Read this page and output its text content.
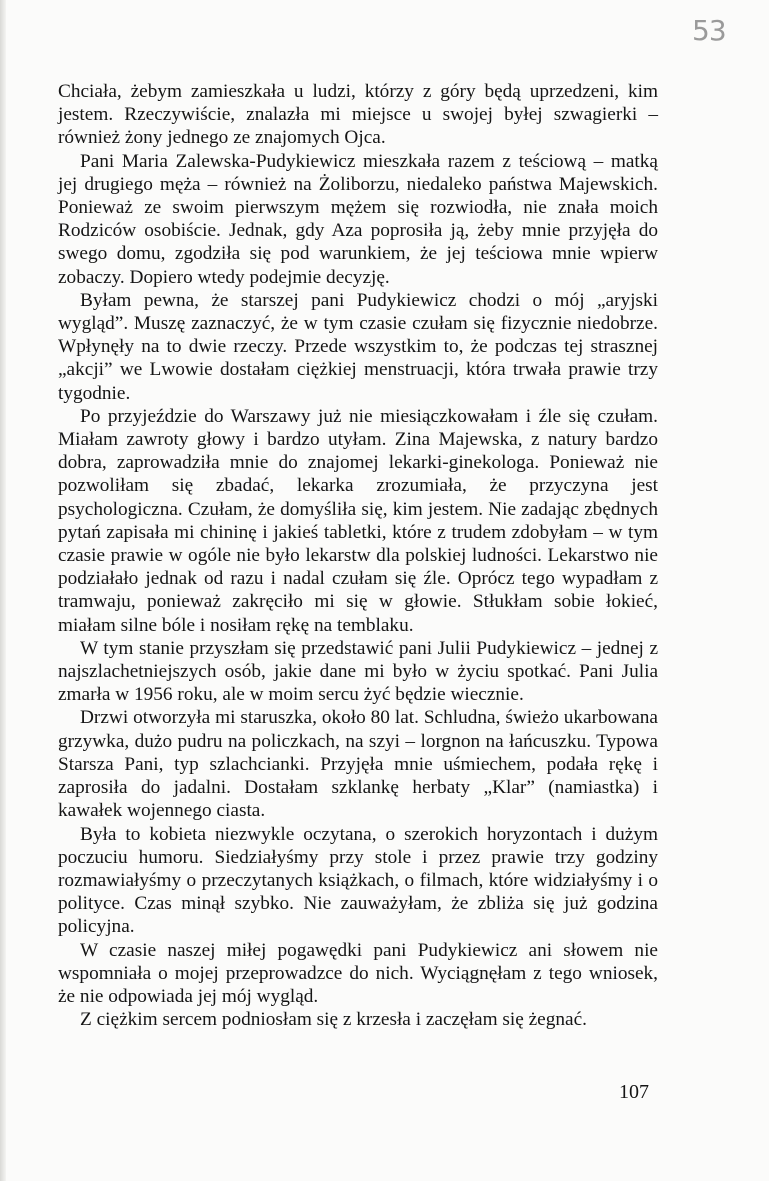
53

Chciała, żebym zamieszkała u ludzi, którzy z góry będą uprzedzeni, kim jestem. Rzeczywiście, znalazła mi miejsce u swojej byłej szwagierki – również żony jednego ze znajomych Ojca.

Pani Maria Zalewska-Pudykiewicz mieszkała razem z teściową – matką jej drugiego męża – również na Żoliborzu, niedaleko państwa Majewskich. Ponieważ ze swoim pierwszym mężem się rozwiodła, nie znała moich Rodziców osobiście. Jednak, gdy Aza poprosiła ją, żeby mnie przyjęła do swego domu, zgodziła się pod warunkiem, że jej teściowa mnie wpierw zobaczy. Dopiero wtedy podejmie decyzję.

Byłam pewna, że starszej pani Pudykiewicz chodzi o mój „aryjski wygląd”. Muszę zaznaczyć, że w tym czasie czułam się fizycznie niedobrze. Wpłynęły na to dwie rzeczy. Przede wszystkim to, że podczas tej strasznej „akcji” we Lwowie dostałam ciężkiej menstruacji, która trwała prawie trzy tygodnie.

Po przyjeździe do Warszawy już nie miesiączkowałam i źle się czułam. Miałam zawroty głowy i bardzo utyłam. Zina Majewska, z natury bardzo dobra, zaprowadziła mnie do znajomej lekarki-ginekologa. Ponieważ nie pozwoliłam się zbadać, lekarka zrozumiała, że przyczyna jest psychologiczna. Czułam, że domyśliła się, kim jestem. Nie zadając zbędnych pytań zapisała mi chininę i jakieś tabletki, które z trudem zdobyłam – w tym czasie prawie w ogóle nie było lekarstw dla polskiej ludności. Lekarstwo nie podziałało jednak od razu i nadal czułam się źle. Oprócz tego wypadłam z tramwaju, ponieważ zakręciło mi się w głowie. Stłukłam sobie łokieć, miałam silne bóle i nosiłam rękę na temblaku.

W tym stanie przyszłam się przedstawić pani Julii Pudykiewicz – jednej z najszlachetniejszych osób, jakie dane mi było w życiu spotkać. Pani Julia zmarła w 1956 roku, ale w moim sercu żyć będzie wiecznie.

Drzwi otworzyła mi staruszka, około 80 lat. Schludna, świeżo ukarbowana grzywka, dużo pudru na policzkach, na szyi – lorgnon na łańcuszku. Typowa Starsza Pani, typ szlachcianki. Przyjęła mnie uśmiechem, podała rękę i zaprosiła do jadalni. Dostałam szklankę herbaty „Klar” (namiastka) i kawałek wojennego ciasta.

Była to kobieta niezwykle oczytana, o szerokich horyzontach i dużym poczuciu humoru. Siedziałyśmy przy stole i przez prawie trzy godziny rozmawiałyśmy o przeczytanych książkach, o filmach, które widziałyśmy i o polityce. Czas minął szybko. Nie zauważyłam, że zbliża się już godzina policyjna.

W czasie naszej miłej pogawędki pani Pudykiewicz ani słowem nie wspomniała o mojej przeprowadzce do nich. Wyciągnęłam z tego wniosek, że nie odpowiada jej mój wygląd.

Z ciężkim sercem podniosłam się z krzesła i zaczęłam się żegnać.

107
